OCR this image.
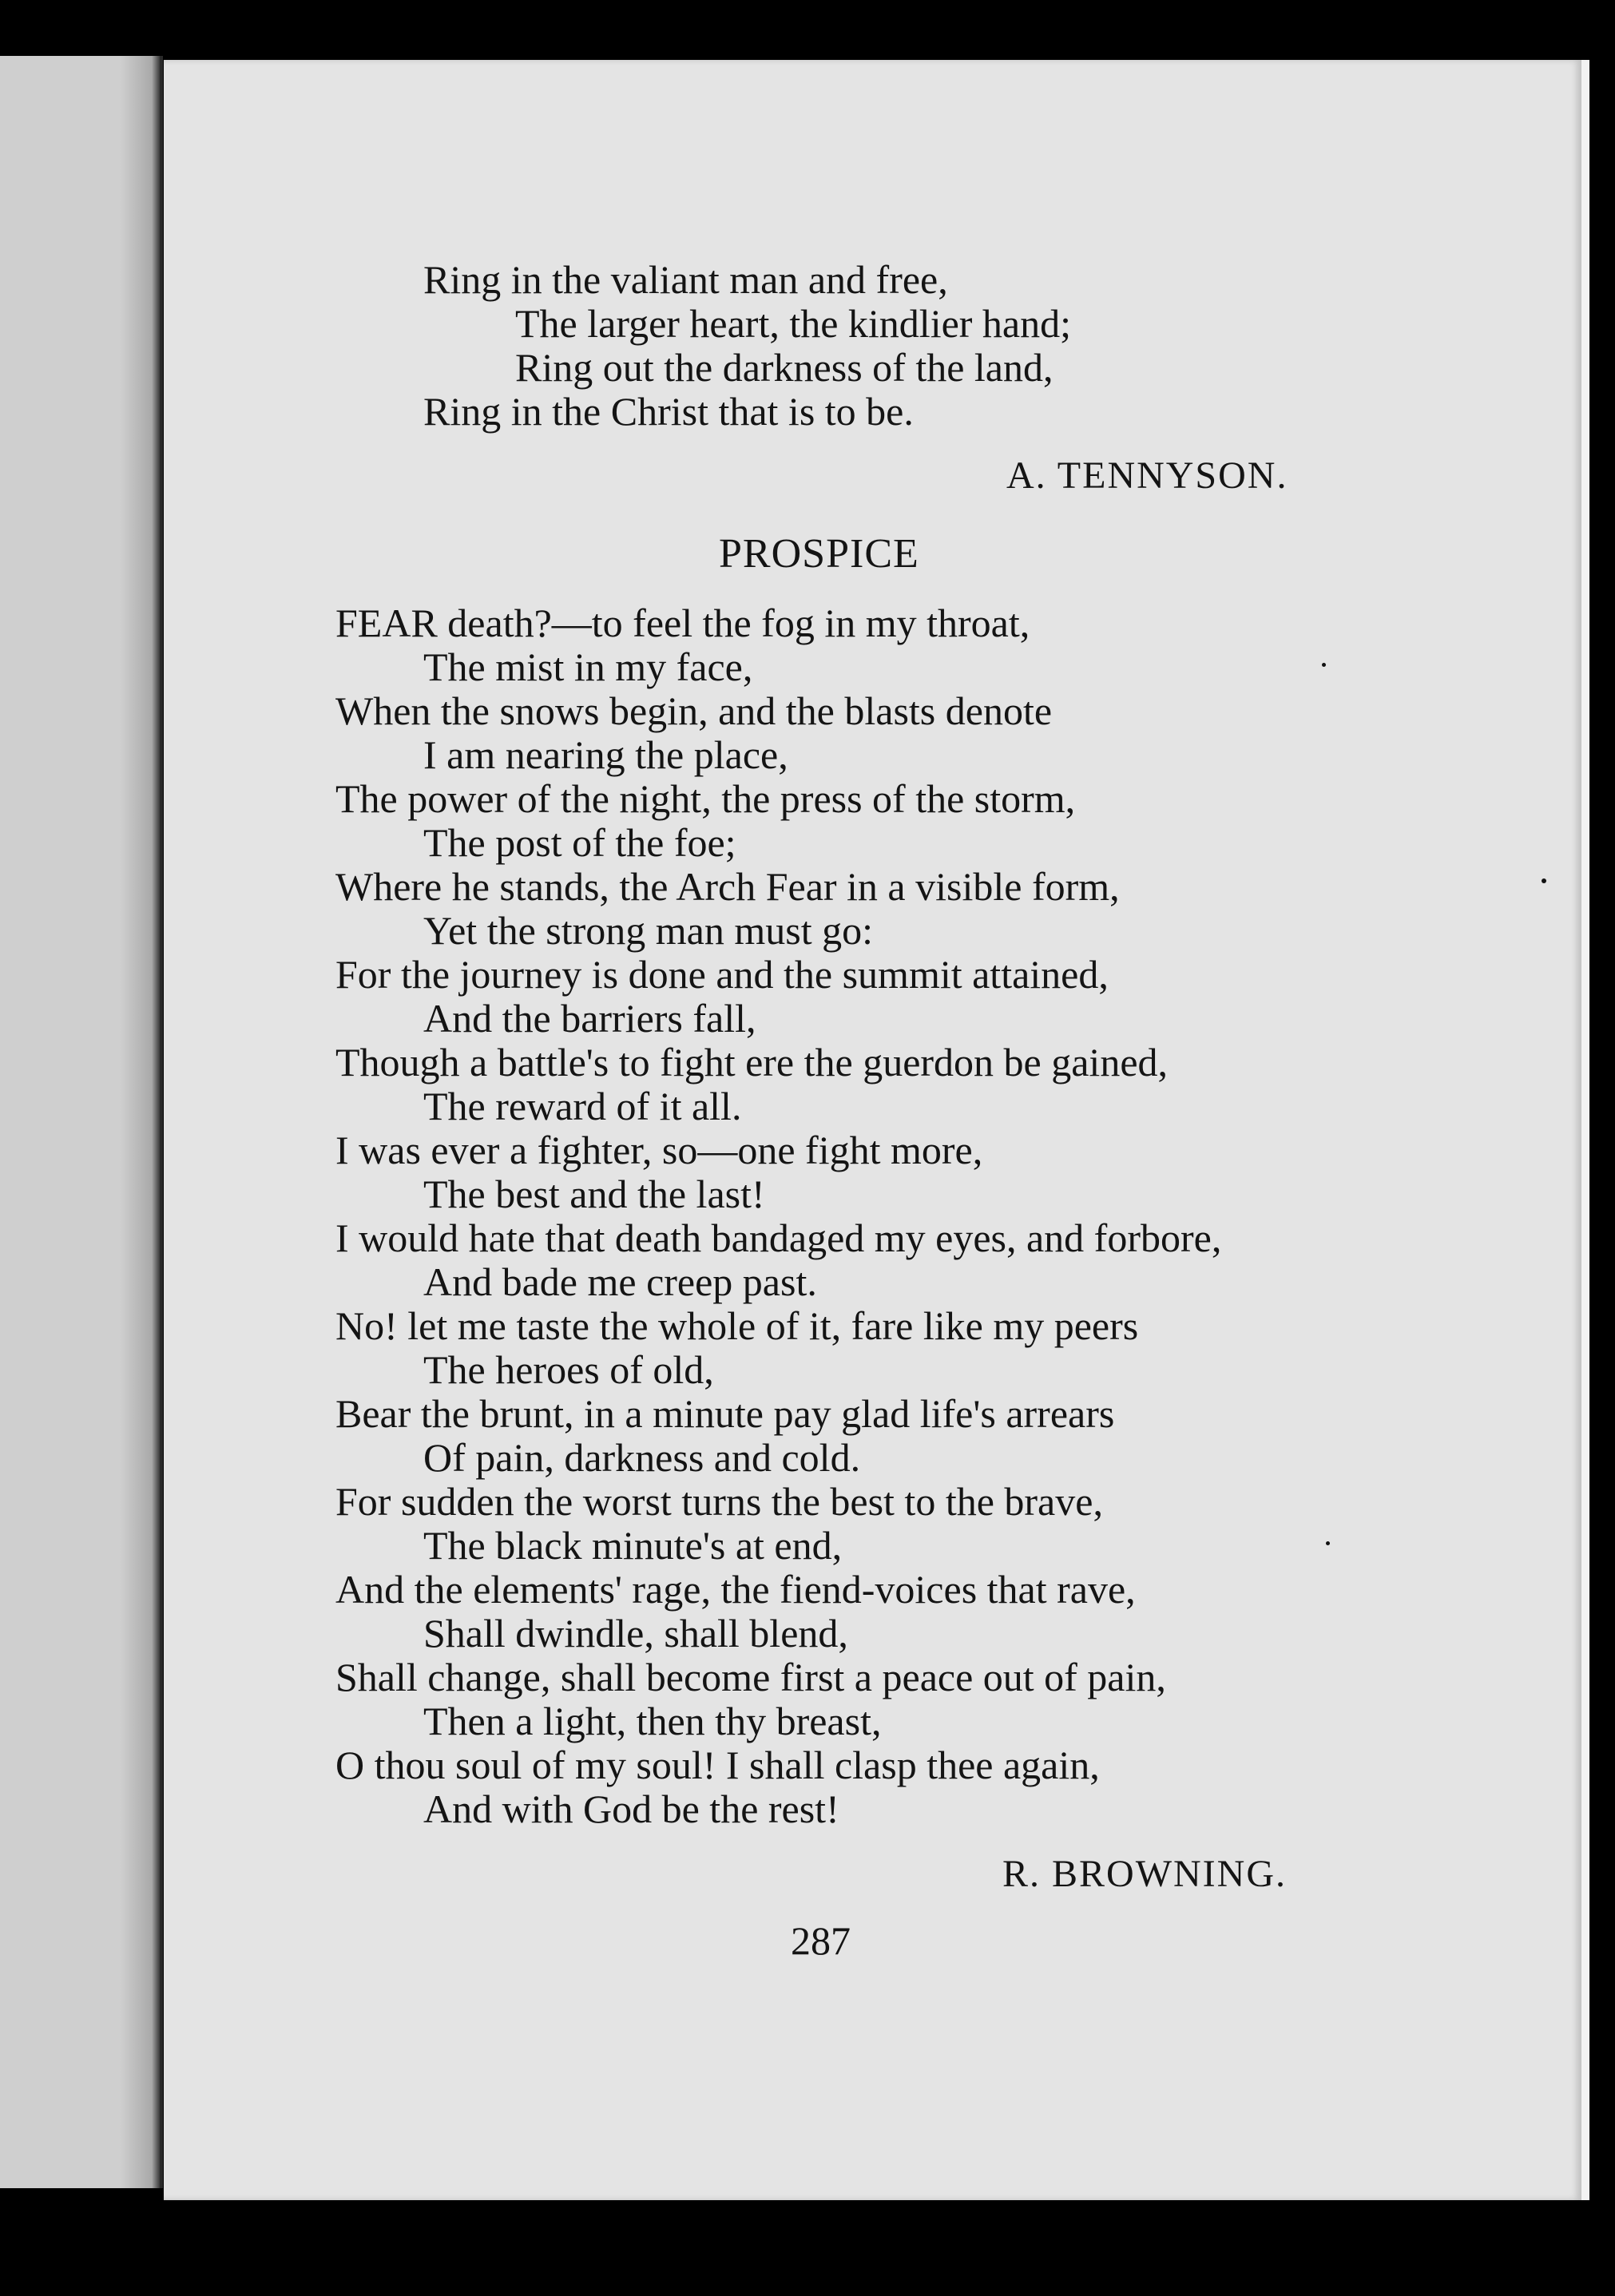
Ring in the valiant man and free,
The larger heart, the kindlier hand;
Ring out the darkness of the land,
Ring in the Christ that is to be.
A. TENNYSON.
PROSPICE
FEAR death?—to feel the fog in my throat,
The mist in my face,
When the snows begin, and the blasts denote
I am nearing the place,
The power of the night, the press of the storm,
The post of the foe;
Where he stands, the Arch Fear in a visible form,
Yet the strong man must go:
For the journey is done and the summit attained,
And the barriers fall,
Though a battle's to fight ere the guerdon be gained,
The reward of it all.
I was ever a fighter, so—one fight more,
The best and the last!
I would hate that death bandaged my eyes, and forbore,
And bade me creep past.
No! let me taste the whole of it, fare like my peers
The heroes of old,
Bear the brunt, in a minute pay glad life's arrears
Of pain, darkness and cold.
For sudden the worst turns the best to the brave,
The black minute's at end,
And the elements' rage, the fiend-voices that rave,
Shall dwindle, shall blend,
Shall change, shall become first a peace out of pain,
Then a light, then thy breast,
O thou soul of my soul! I shall clasp thee again,
And with God be the rest!
R. BROWNING.
287
